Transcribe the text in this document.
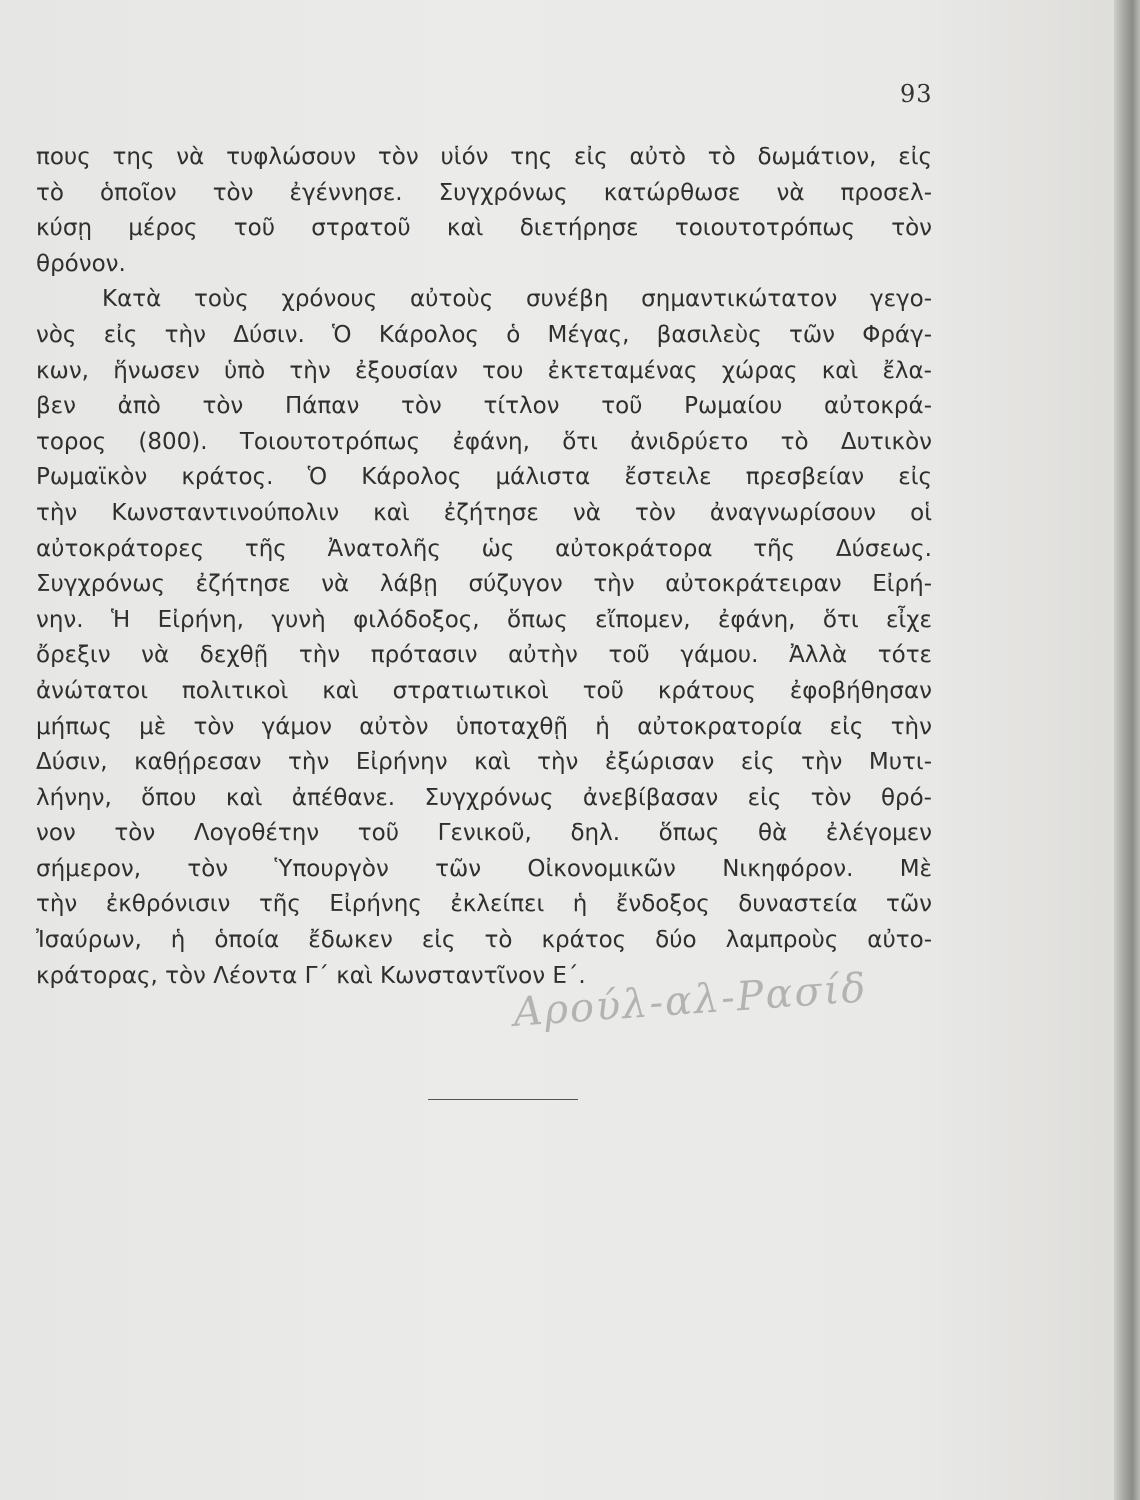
93
πους της νὰ τυφλώσουν τὸν υἱόν της εἰς αὐτὸ τὸ δωμάτιον, εἰς
τὸ ὁποῖον τὸν ἐγέννησε. Συγχρόνως κατώρθωσε νὰ προσελ-
κύσῃ μέρος τοῦ στρατοῦ καὶ διετήρησε τοιουτοτρόπως τὸν
θρόνον.
Κατὰ τοὺς χρόνους αὐτοὺς συνέβη σημαντικώτατον γεγο-
νὸς εἰς τὴν Δύσιν. Ὁ Κάρολος ὁ Μέγας, βασιλεὺς τῶν Φράγ-
κων, ἥνωσεν ὑπὸ τὴν ἐξουσίαν του ἐκτεταμένας χώρας καὶ ἔλα-
βεν ἀπὸ τὸν Πάπαν τὸν τίτλον τοῦ Ρωμαίου αὐτοκρά-
τορος (800). Τοιουτοτρόπως ἐφάνη, ὅτι ἀνιδρύετο τὸ Δυτικὸν
Ρωμαϊκὸν κράτος. Ὁ Κάρολος μάλιστα ἔστειλε πρεσβείαν εἰς
τὴν Κωνσταντινούπολιν καὶ ἐζήτησε νὰ τὸν ἀναγνωρίσουν οἱ
αὐτοκράτορες τῆς Ἀνατολῆς ὡς αὐτοκράτορα τῆς Δύσεως.
Συγχρόνως ἐζήτησε νὰ λάβῃ σύζυγον τὴν αὐτοκράτειραν Εἰρή-
νην. Ἡ Εἰρήνη, γυνὴ φιλόδοξος, ὅπως εἴπομεν, ἐφάνη, ὅτι εἶχε
ὄρεξιν νὰ δεχθῇ τὴν πρότασιν αὐτὴν τοῦ γάμου. Ἀλλὰ τότε
ἀνώτατοι πολιτικοὶ καὶ στρατιωτικοὶ τοῦ κράτους ἐφοβήθησαν
μήπως μὲ τὸν γάμον αὐτὸν ὑποταχθῇ ἡ αὐτοκρατορία εἰς τὴν
Δύσιν, καθῄρεσαν τὴν Εἰρήνην καὶ τὴν ἐξώρισαν εἰς τὴν Μυτι-
λήνην, ὅπου καὶ ἀπέθανε. Συγχρόνως ἀνεβίβασαν εἰς τὸν θρό-
νον τὸν Λογοθέτην τοῦ Γενικοῦ, δηλ. ὅπως θὰ ἐλέγομεν
σήμερον, τὸν Ὑπουργὸν τῶν Οἰκονομικῶν Νικηφόρον. Μὲ
τὴν ἐκθρόνισιν τῆς Εἰρήνης ἐκλείπει ἡ ἔνδοξος δυναστεία τῶν
Ἰσαύρων, ἡ ὁποία ἔδωκεν εἰς τὸ κράτος δύο λαμπροὺς αὐτο-
κράτορας, τὸν Λέοντα Γ΄ καὶ Κωνσταντῖνον Ε΄.
Αρούλ-αλ-Ρασίδ
